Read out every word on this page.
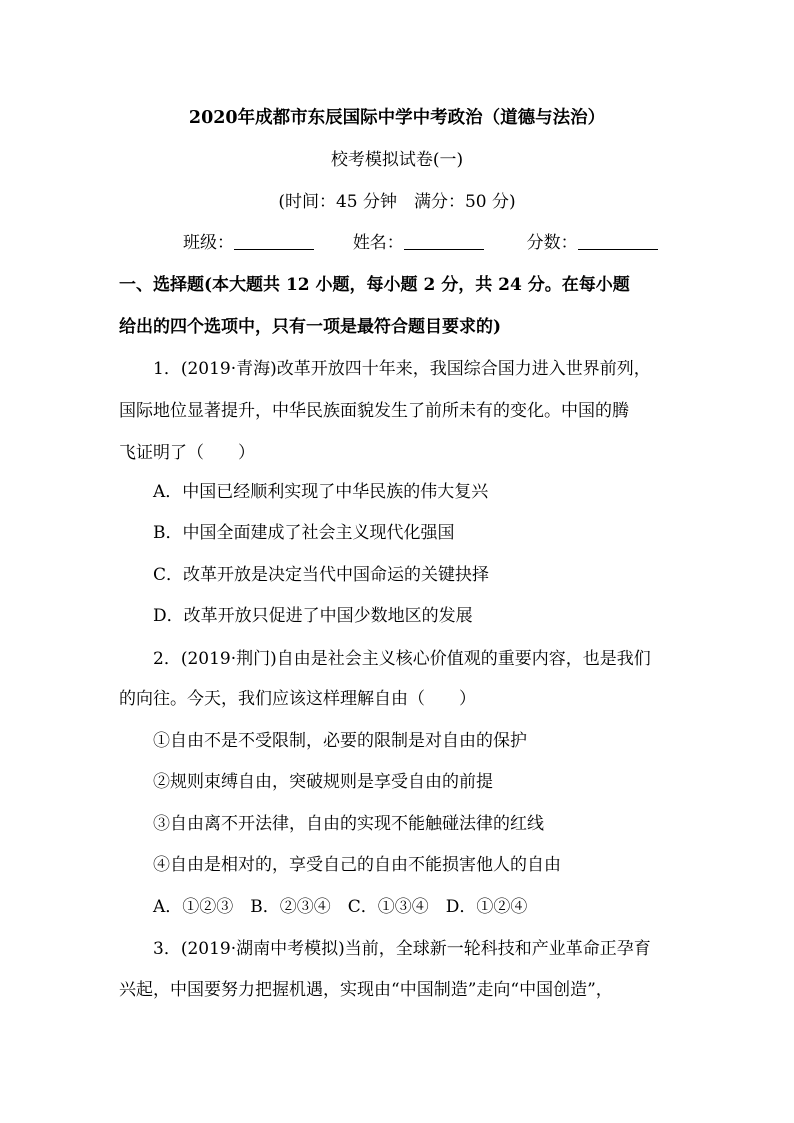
2020年成都市东辰国际中学中考政治（道德与法治）
校考模拟试卷(一)
(时间：45 分钟　满分：50 分)
班级：	姓名：	分数：
一、选择题(本大题共 12 小题，每小题 2 分，共 24 分。在每小题
给出的四个选项中，只有一项是最符合题目要求的)
1．(2019·青海)改革开放四十年来，我国综合国力进入世界前列，
国际地位显著提升，中华民族面貌发生了前所未有的变化。中国的腾
飞证明了（　　）
A．中国已经顺利实现了中华民族的伟大复兴
B．中国全面建成了社会主义现代化强国
C．改革开放是决定当代中国命运的关键抉择
D．改革开放只促进了中国少数地区的发展
2．(2019·荆门)自由是社会主义核心价值观的重要内容，也是我们
的向往。今天，我们应该这样理解自由（　　）
①自由不是不受限制，必要的限制是对自由的保护
②规则束缚自由，突破规则是享受自由的前提
③自由离不开法律，自由的实现不能触碰法律的红线
④自由是相对的，享受自己的自由不能损害他人的自由
A．①②③　B．②③④　C．①③④　D．①②④
3．(2019·湖南中考模拟)当前，全球新一轮科技和产业革命正孕育
兴起，中国要努力把握机遇，实现由“中国制造”走向“中国创造”，
